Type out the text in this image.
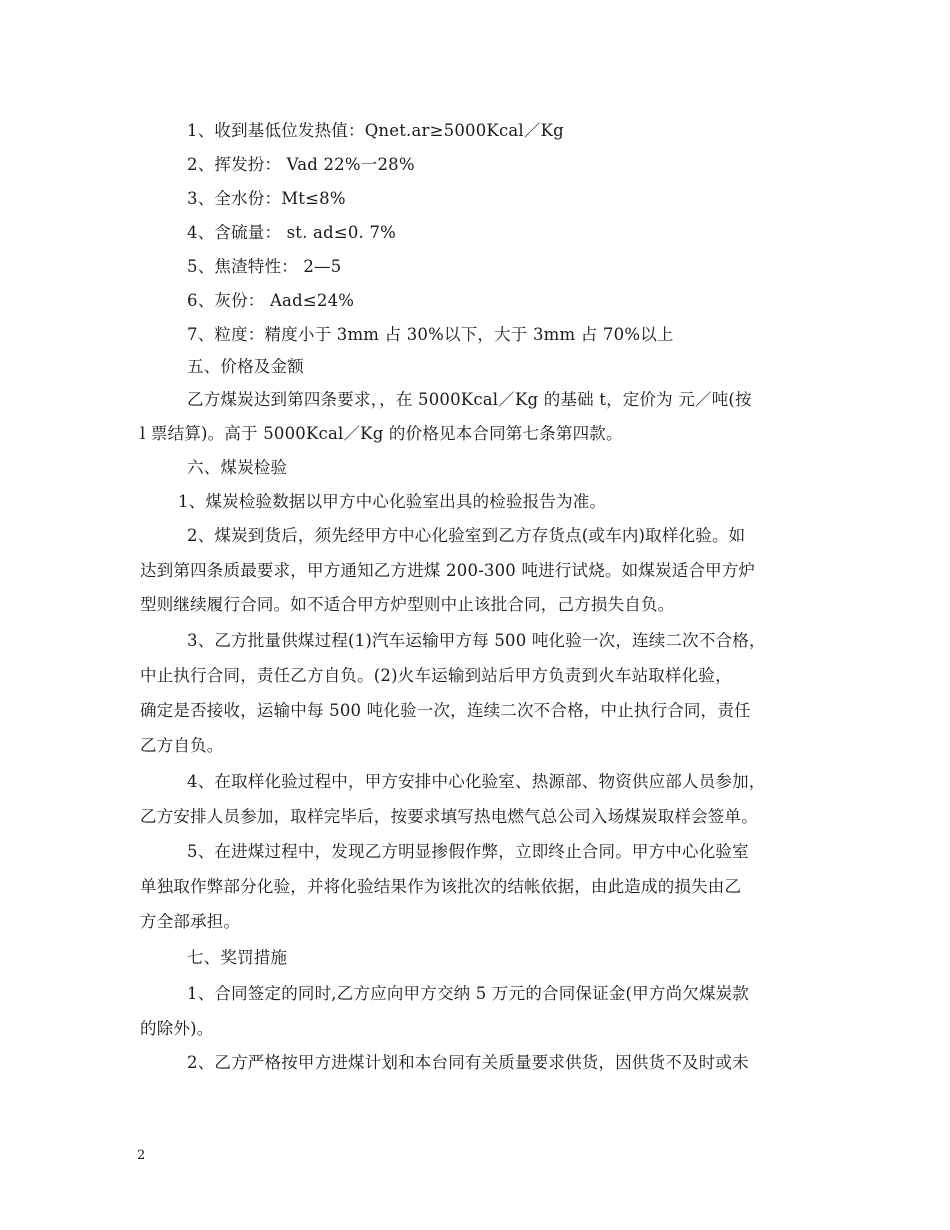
1、收到基低位发热值：Qnet.ar≥5000Kcal／Kg
2、挥发扮： Vad 22%一28%
3、全水份：Mt≤8%
4、含硫量： st. ad≤0. 7%
5、焦渣特性： 2—5
6、灰份： Aad≤24%
7、粒度：精度小于 3mm 占 30%以下，大于 3mm 占 70%以上
五、价格及金额
乙方煤炭达到第四条要求，，在 5000Kcal／Kg 的基础 t，定价为 元／吨(按
l 票结算)。高于 5000Kcal／Kg 的价格见本合同第七条第四款。
六、煤炭检验
1、煤炭检验数据以甲方中心化验室出具的检验报告为准。
2、煤炭到货后，须先经甲方中心化验室到乙方存货点(或车内)取样化验。如
达到第四条质最要求，甲方通知乙方进煤 200-300 吨进行试烧。如煤炭适合甲方炉
型则继续履行合同。如不适合甲方炉型则中止该批合同，己方损失自负。
3、乙方批量供煤过程(1)汽车运输甲方每 500 吨化验一次，连续二次不合格，
中止执行合同，责任乙方自负。(2)火车运输到站后甲方负责到火车站取样化验，
确定是否接收，运输中每 500 吨化验一次，连续二次不合格，中止执行合同，责任
乙方自负。
4、在取样化验过程中，甲方安排中心化验室、热源部、物资供应部人员参加，
乙方安排人员参加，取样完毕后，按要求填写热电燃气总公司入场煤炭取样会签单。
5、在进煤过程中，发现乙方明显掺假作弊，立即终止合同。甲方中心化验室
单独取作弊部分化验，并将化验结果作为该批次的结帐依据，由此造成的损失由乙
方全部承担。
七、奖罚措施
1、合同签定的同时,乙方应向甲方交纳 5 万元的合同保证金(甲方尚欠煤炭款
的除外)。
2、乙方严格按甲方进煤计划和本台同有关质量要求供货，因供货不及时或未
2
